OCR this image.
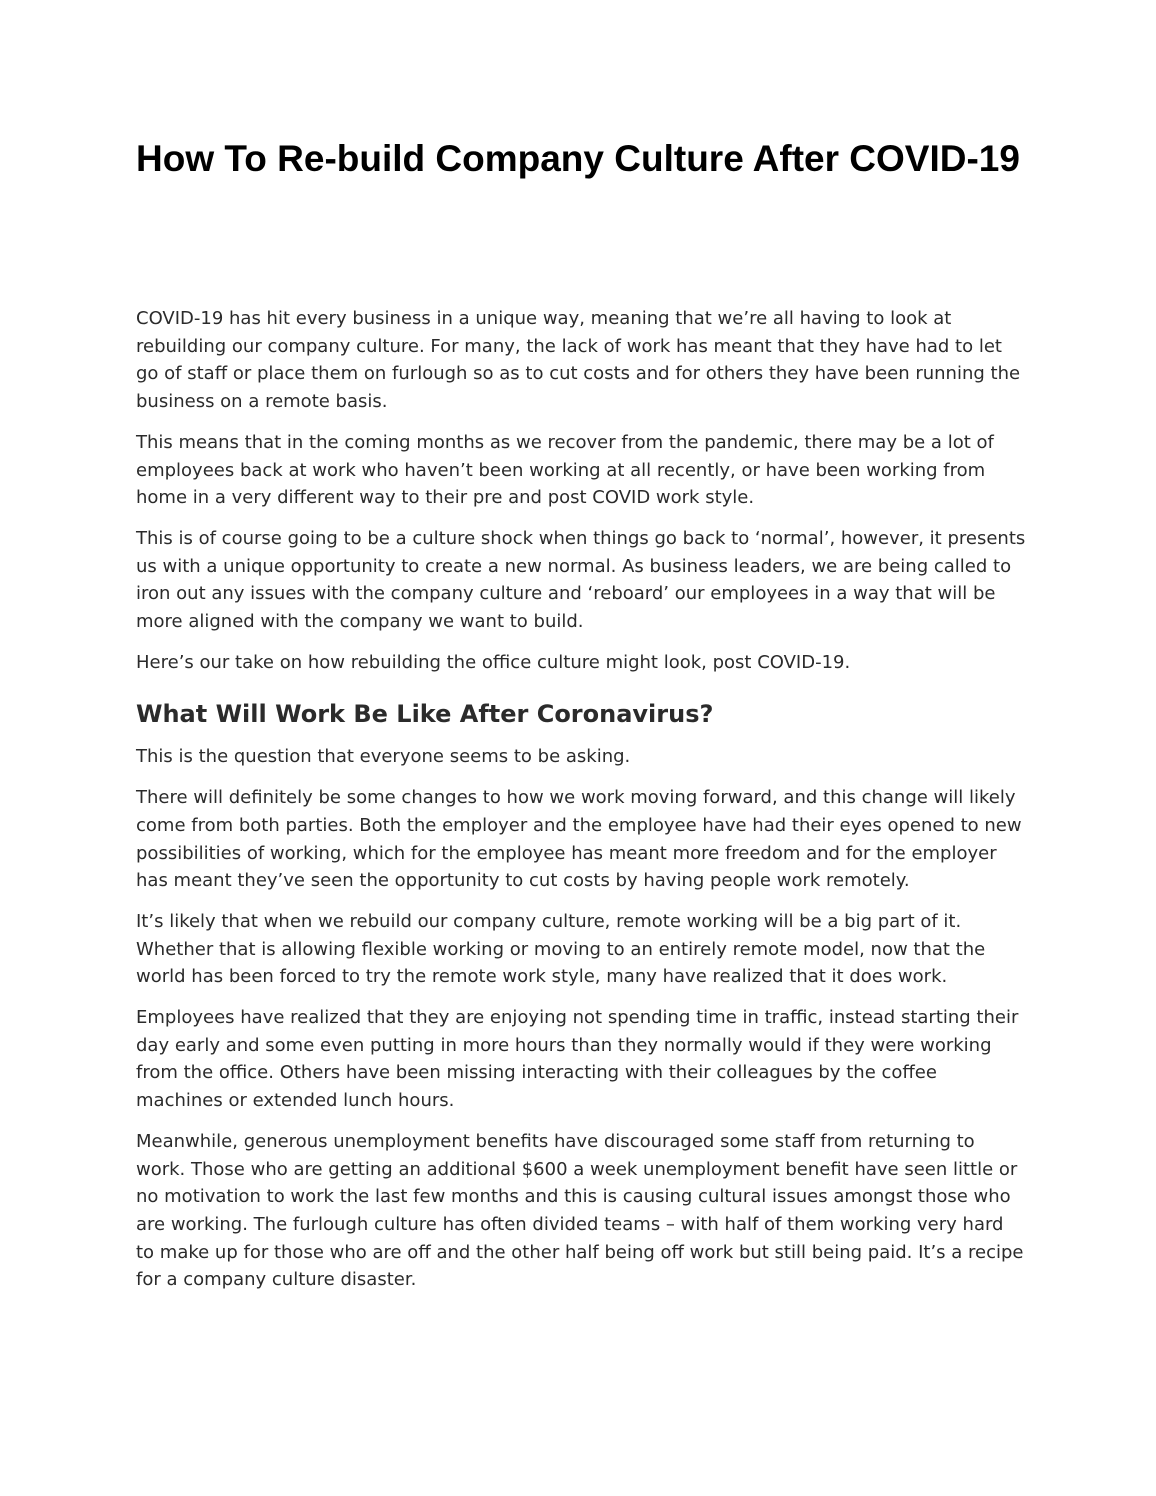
How To Re-build Company Culture After COVID-19

COVID-19 has hit every business in a unique way, meaning that we’re all having to look at rebuilding our company culture. For many, the lack of work has meant that they have had to let go of staff or place them on furlough so as to cut costs and for others they have been running the business on a remote basis.

This means that in the coming months as we recover from the pandemic, there may be a lot of employees back at work who haven’t been working at all recently, or have been working from home in a very different way to their pre and post COVID work style.

This is of course going to be a culture shock when things go back to ‘normal’, however, it presents us with a unique opportunity to create a new normal. As business leaders, we are being called to iron out any issues with the company culture and ‘reboard’ our employees in a way that will be more aligned with the company we want to build.

Here’s our take on how rebuilding the office culture might look, post COVID-19.

What Will Work Be Like After Coronavirus?

This is the question that everyone seems to be asking.

There will definitely be some changes to how we work moving forward, and this change will likely come from both parties. Both the employer and the employee have had their eyes opened to new possibilities of working, which for the employee has meant more freedom and for the employer has meant they’ve seen the opportunity to cut costs by having people work remotely.

It’s likely that when we rebuild our company culture, remote working will be a big part of it. Whether that is allowing flexible working or moving to an entirely remote model, now that the world has been forced to try the remote work style, many have realized that it does work.

Employees have realized that they are enjoying not spending time in traffic, instead starting their day early and some even putting in more hours than they normally would if they were working from the office. Others have been missing interacting with their colleagues by the coffee machines or extended lunch hours.

Meanwhile, generous unemployment benefits have discouraged some staff from returning to work. Those who are getting an additional $600 a week unemployment benefit have seen little or no motivation to work the last few months and this is causing cultural issues amongst those who are working. The furlough culture has often divided teams – with half of them working very hard to make up for those who are off and the other half being off work but still being paid. It’s a recipe for a company culture disaster.
